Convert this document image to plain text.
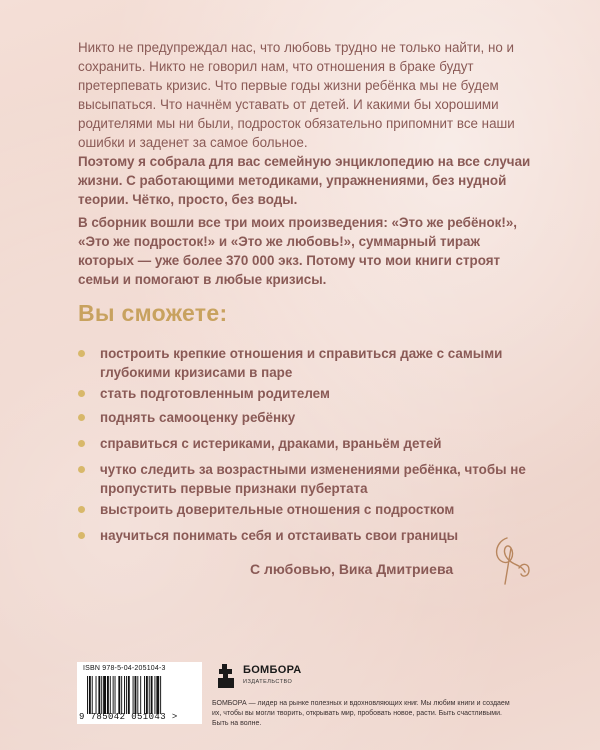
Никто не предупреждал нас, что любовь трудно не только найти, но и сохранить. Никто не говорил нам, что отношения в браке будут претерпевать кризис. Что первые годы жизни ребёнка мы не будем высыпаться. Что начнём уставать от детей. И какими бы хорошими родителями мы ни были, подросток обязательно припомнит все наши ошибки и заденет за самое больное.

Поэтому я собрала для вас семейную энциклопедию на все случаи жизни. С работающими методиками, упражнениями, без нудной теории. Чётко, просто, без воды.

В сборник вошли все три моих произведения: «Это же ребёнок!», «Это же подросток!» и «Это же любовь!», суммарный тираж которых — уже более 370 000 экз. Потому что мои книги строят семьи и помогают в любые кризисы.

Вы сможете:
построить крепкие отношения и справиться даже с самыми глубокими кризисами в паре
стать подготовленным родителем
поднять самооценку ребёнку
справиться с истериками, драками, враньём детей
чутко следить за возрастными изменениями ребёнка, чтобы не пропустить первые признаки пубертата
выстроить доверительные отношения с подростком
научиться понимать себя и отстаивать свои границы
С любовью, Вика Дмитриева
ISBN 978-5-04-205104-3
9 785042 051043 >
БОМБОРА
ИЗДАТЕЛЬСТВО
БОМБОРА — лидер на рынке полезных и вдохновляющих книг. Мы любим книги и создаем их, чтобы вы могли творить, открывать мир, пробовать новое, расти. Быть счастливыми. Быть на волне.
